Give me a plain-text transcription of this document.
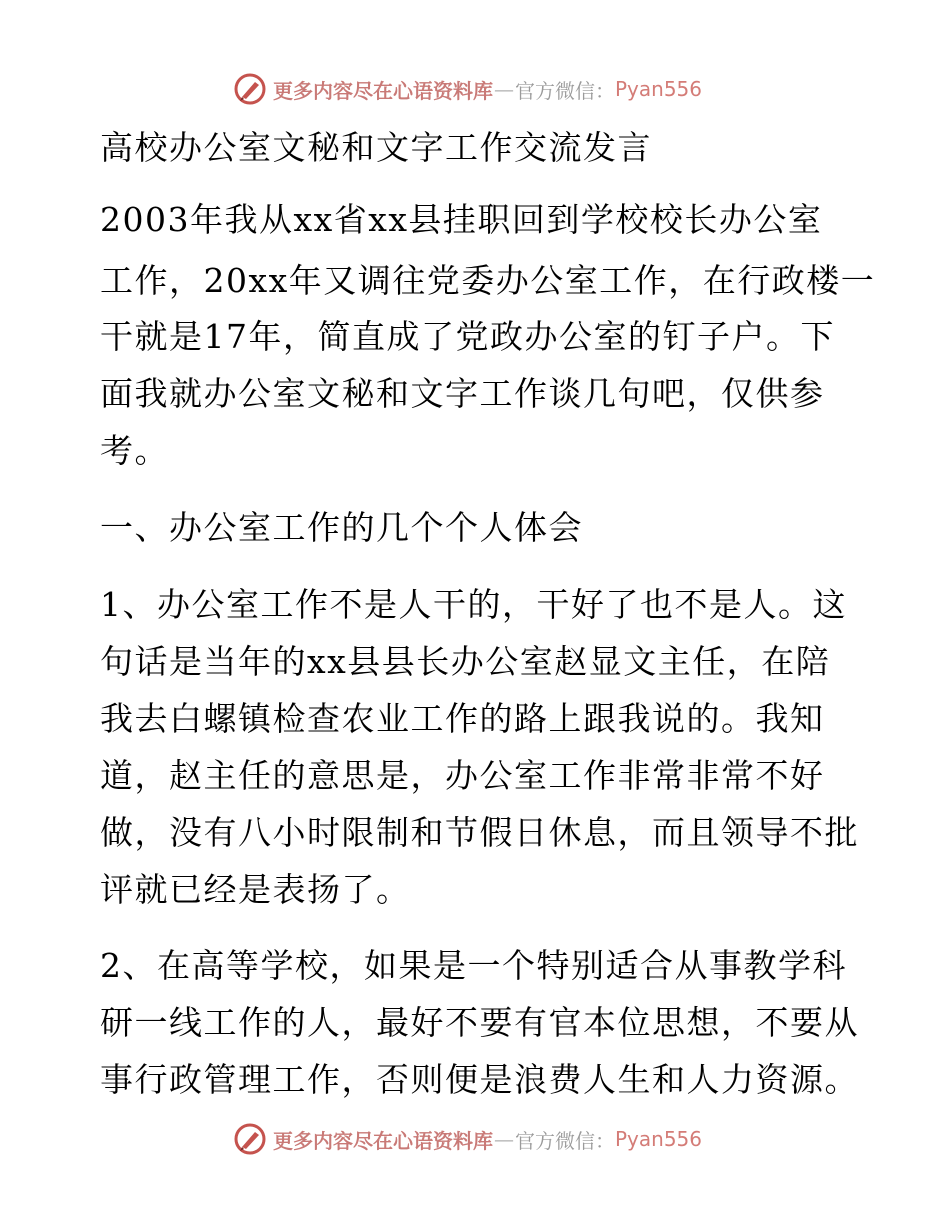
更多内容尽在心语资料库 — 官方微信： Pyan556
高校办公室文秘和文字工作交流发言
2003年我从xx省xx县挂职回到学校校长办公室
工作，20xx年又调往党委办公室工作，在行政楼一
干就是17年，简直成了党政办公室的钉子户。下
面我就办公室文秘和文字工作谈几句吧，仅供参
考。
一、办公室工作的几个个人体会
1、办公室工作不是人干的，干好了也不是人。这
句话是当年的xx县县长办公室赵显文主任，在陪
我去白螺镇检查农业工作的路上跟我说的。我知
道，赵主任的意思是，办公室工作非常非常不好
做，没有八小时限制和节假日休息，而且领导不批
评就已经是表扬了。
2、在高等学校，如果是一个特别适合从事教学科
研一线工作的人，最好不要有官本位思想，不要从
事行政管理工作，否则便是浪费人生和人力资源。
更多内容尽在心语资料库 — 官方微信： Pyan556
